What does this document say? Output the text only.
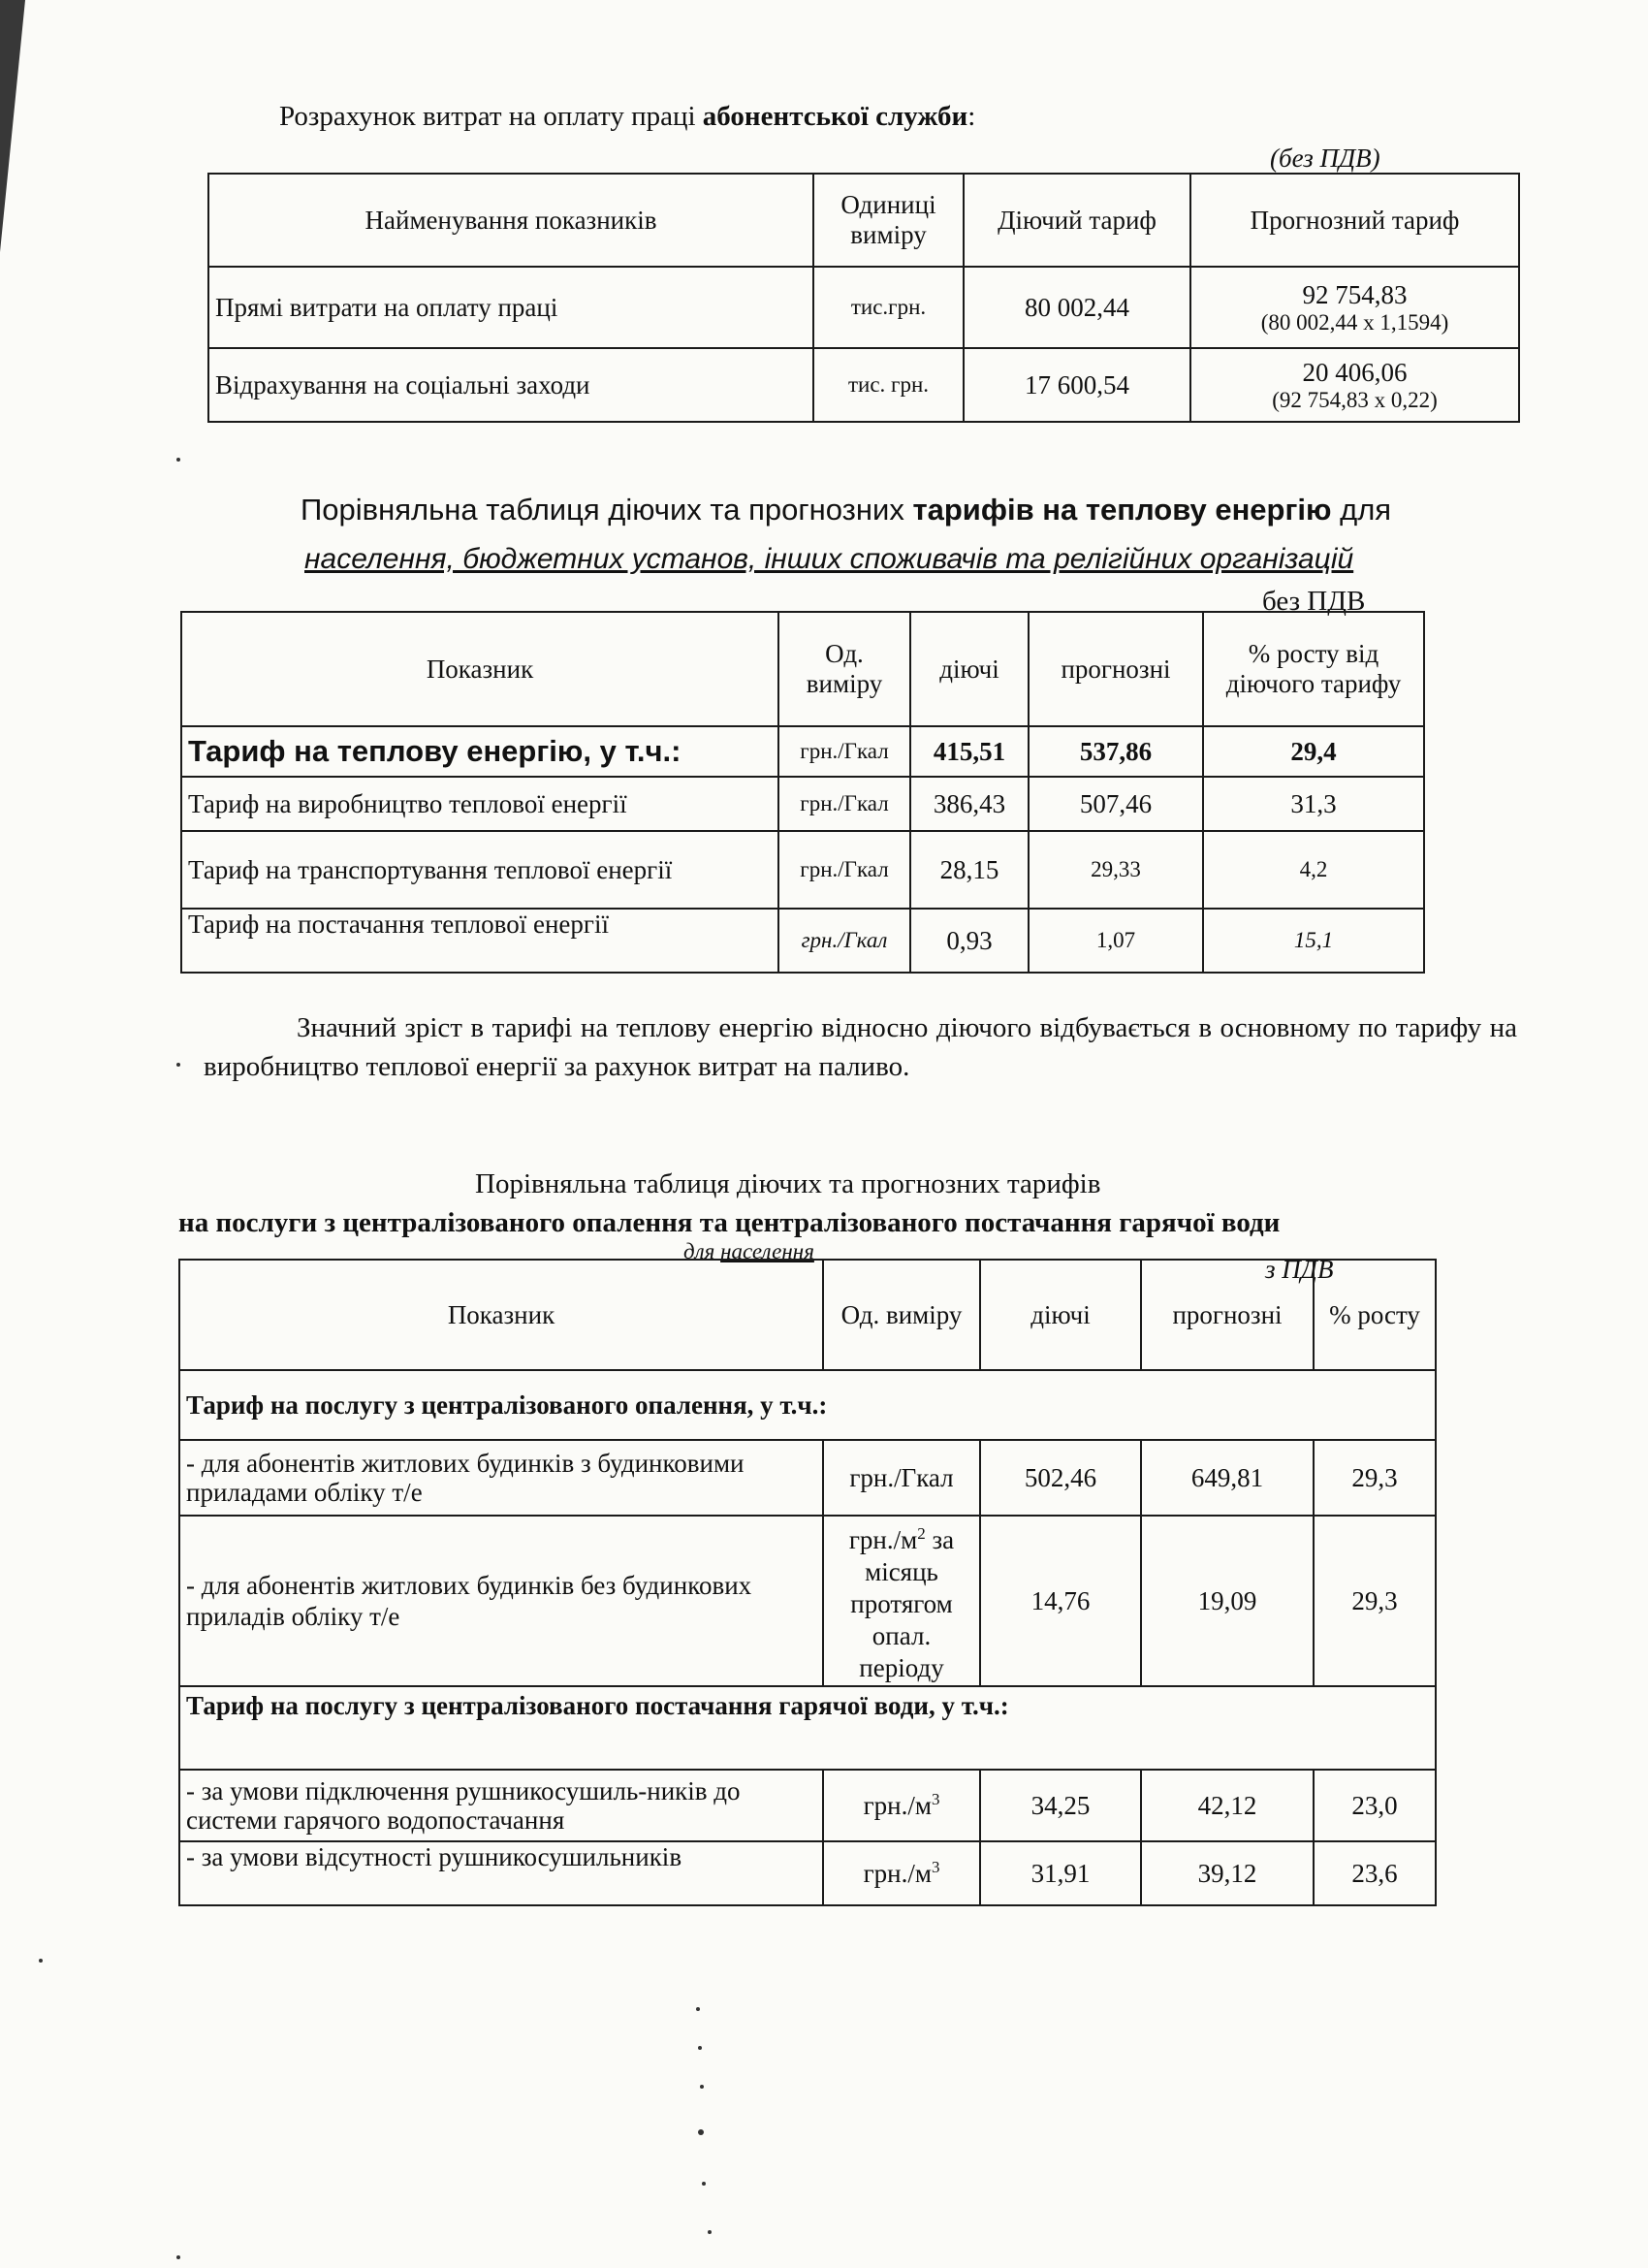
Розрахунок витрат на оплату праці абонентської служби:
(без ПДВ)
Найменування показників	Одиниці виміру	Діючий тариф	Прогнозний тариф
Прямі витрати на оплату праці	тис.грн.	80 002,44	92 754,83
(80 002,44 х 1,1594)

Відрахування на соціальні заходи	тис. грн.	17 600,54	20 406,06
(92 754,83 х 0,22)
Порівняльна таблиця діючих та прогнозних тарифів на теплову енергію для
населення, бюджетних установ, інших споживачів та релігійних організацій
без ПДВ
Показник	Од. виміру	діючі	прогнозні	% росту від діючого тарифу
Тариф на теплову енергію, у т.ч.:	грн./Гкал	415,51	537,86	29,4
Тариф на виробництво теплової енергії	грн./Гкал	386,43	507,46	31,3
Тариф на транспортування теплової енергії	грн./Гкал	28,15	29,33	4,2
Тариф на постачання теплової енергії	грн./Гкал	0,93	1,07	15,1
Значний зріст в тарифі на теплову енергію відносно діючого відбувається в основному по тарифу на виробництво теплової енергії за рахунок витрат на паливо.
Порівняльна таблиця діючих та прогнозних тарифів
на послуги з централізованого опалення та централізованого постачання гарячої води
для населення
з ПДВ
Показник	Од. виміру	діючі	прогнозні	% росту
Тариф на послугу з централізованого опалення, у т.ч.:				
- для абонентів житлових будинків з будинковими приладами обліку т/е	грн./Гкал	502,46	649,81	29,3
- для абонентів житлових будинків без будинкових приладів обліку т/е	$грн./м^2$ за місяць протягом опал. періоду	14,76	19,09	29,3
Тариф на послугу з централізованого постачання гарячої води, у т.ч.:				
- за умови підключення рушникосушиль-ників до системи гарячого водопостачання	$грн./м^3$	34,25	42,12	23,0
- за умови відсутності рушникосушильників	$грн./м^3$	31,91	39,12	23,6
